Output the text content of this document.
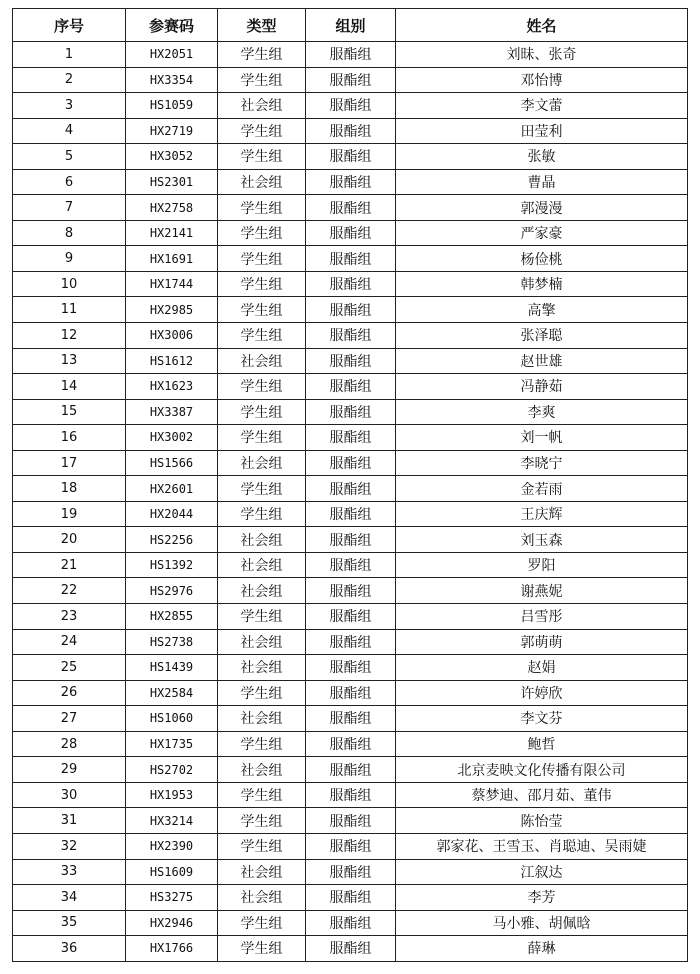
序号	参赛码	类型	组别	姓名
1	HX2051	学生组	服酯组	刘昧、张奇
2	HX3354	学生组	服酯组	邓怡博
3	HS1059	社会组	服酯组	李文蕾
4	HX2719	学生组	服酯组	田莹利
5	HX3052	学生组	服酯组	张敏
6	HS2301	社会组	服酯组	曹晶
7	HX2758	学生组	服酯组	郭漫漫
8	HX2141	学生组	服酯组	严家豪
9	HX1691	学生组	服酯组	杨俭桃
10	HX1744	学生组	服酯组	韩梦楠
11	HX2985	学生组	服酯组	高擎
12	HX3006	学生组	服酯组	张泽聪
13	HS1612	社会组	服酯组	赵世雄
14	HX1623	学生组	服酯组	冯静茹
15	HX3387	学生组	服酯组	李爽
16	HX3002	学生组	服酯组	刘一帆
17	HS1566	社会组	服酯组	李晓宁
18	HX2601	学生组	服酯组	金若雨
19	HX2044	学生组	服酯组	王庆辉
20	HS2256	社会组	服酯组	刘玉森
21	HS1392	社会组	服酯组	罗阳
22	HS2976	社会组	服酯组	谢燕妮
23	HX2855	学生组	服酯组	吕雪彤
24	HS2738	社会组	服酯组	郭萌萌
25	HS1439	社会组	服酯组	赵娟
26	HX2584	学生组	服酯组	许婷欣
27	HS1060	社会组	服酯组	李文芬
28	HX1735	学生组	服酯组	鲍哲
29	HS2702	社会组	服酯组	北京麦映文化传播有限公司
30	HX1953	学生组	服酯组	蔡梦迪、邵月茹、董伟
31	HX3214	学生组	服酯组	陈怡莹
32	HX2390	学生组	服酯组	郭家花、王雪玉、肖聪迪、吴雨婕
33	HS1609	社会组	服酯组	江叙达
34	HS3275	社会组	服酯组	李芳
35	HX2946	学生组	服酯组	马小雅、胡佩晗
36	HX1766	学生组	服酯组	薛琳
